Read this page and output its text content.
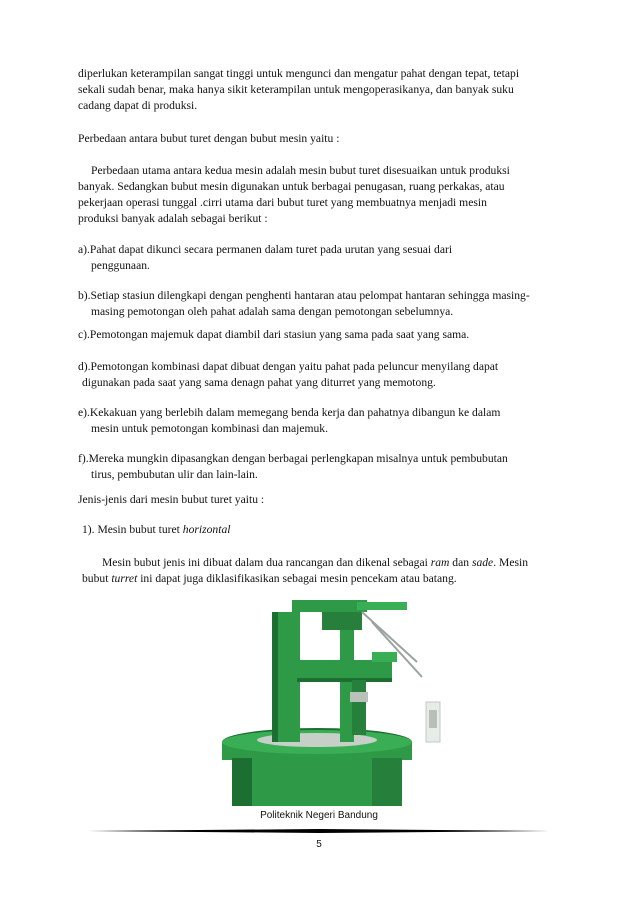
diperlukan keterampilan sangat tinggi untuk mengunci dan mengatur pahat dengan tepat, tetapi
sekali sudah benar, maka hanya sikit keterampilan untuk mengoperasikanya, dan banyak suku
cadang dapat di produksi.
Perbedaan antara bubut turet dengan bubut mesin yaitu :
Perbedaan utama antara kedua mesin adalah mesin bubut turet disesuaikan untuk produksi
banyak. Sedangkan bubut mesin digunakan untuk berbagai penugasan, ruang perkakas, atau
pekerjaan operasi tunggal .cirri utama dari bubut turet yang membuatnya menjadi mesin
produksi banyak adalah sebagai berikut :
a).Pahat dapat dikunci secara permanen dalam turet pada urutan yang sesuai dari
penggunaan.
b).Setiap stasiun dilengkapi dengan penghenti hantaran atau pelompat hantaran sehingga masing-
masing pemotongan oleh pahat adalah sama dengan pemotongan sebelumnya.
c).Pemotongan majemuk dapat diambil dari stasiun yang sama pada saat yang sama.
d).Pemotongan kombinasi dapat dibuat dengan yaitu pahat pada peluncur menyilang dapat
digunakan pada saat yang sama denagn pahat yang diturret yang memotong.
e).Kekakuan yang berlebih dalam memegang benda kerja dan pahatnya dibangun ke dalam
mesin untuk pemotongan kombinasi dan majemuk.
f).Mereka mungkin dipasangkan dengan berbagai perlengkapan misalnya untuk pembubutan
tirus, pembubutan ulir dan lain-lain.
Jenis-jenis dari mesin bubut turet yaitu :
1). Mesin bubut turet horizontal
Mesin bubut jenis ini dibuat dalam dua rancangan dan dikenal sebagai ram dan sade. Mesin
bubut turret ini dapat juga diklasifikasikan sebagai mesin pencekam atau batang.
Politeknik Negeri Bandung
5
